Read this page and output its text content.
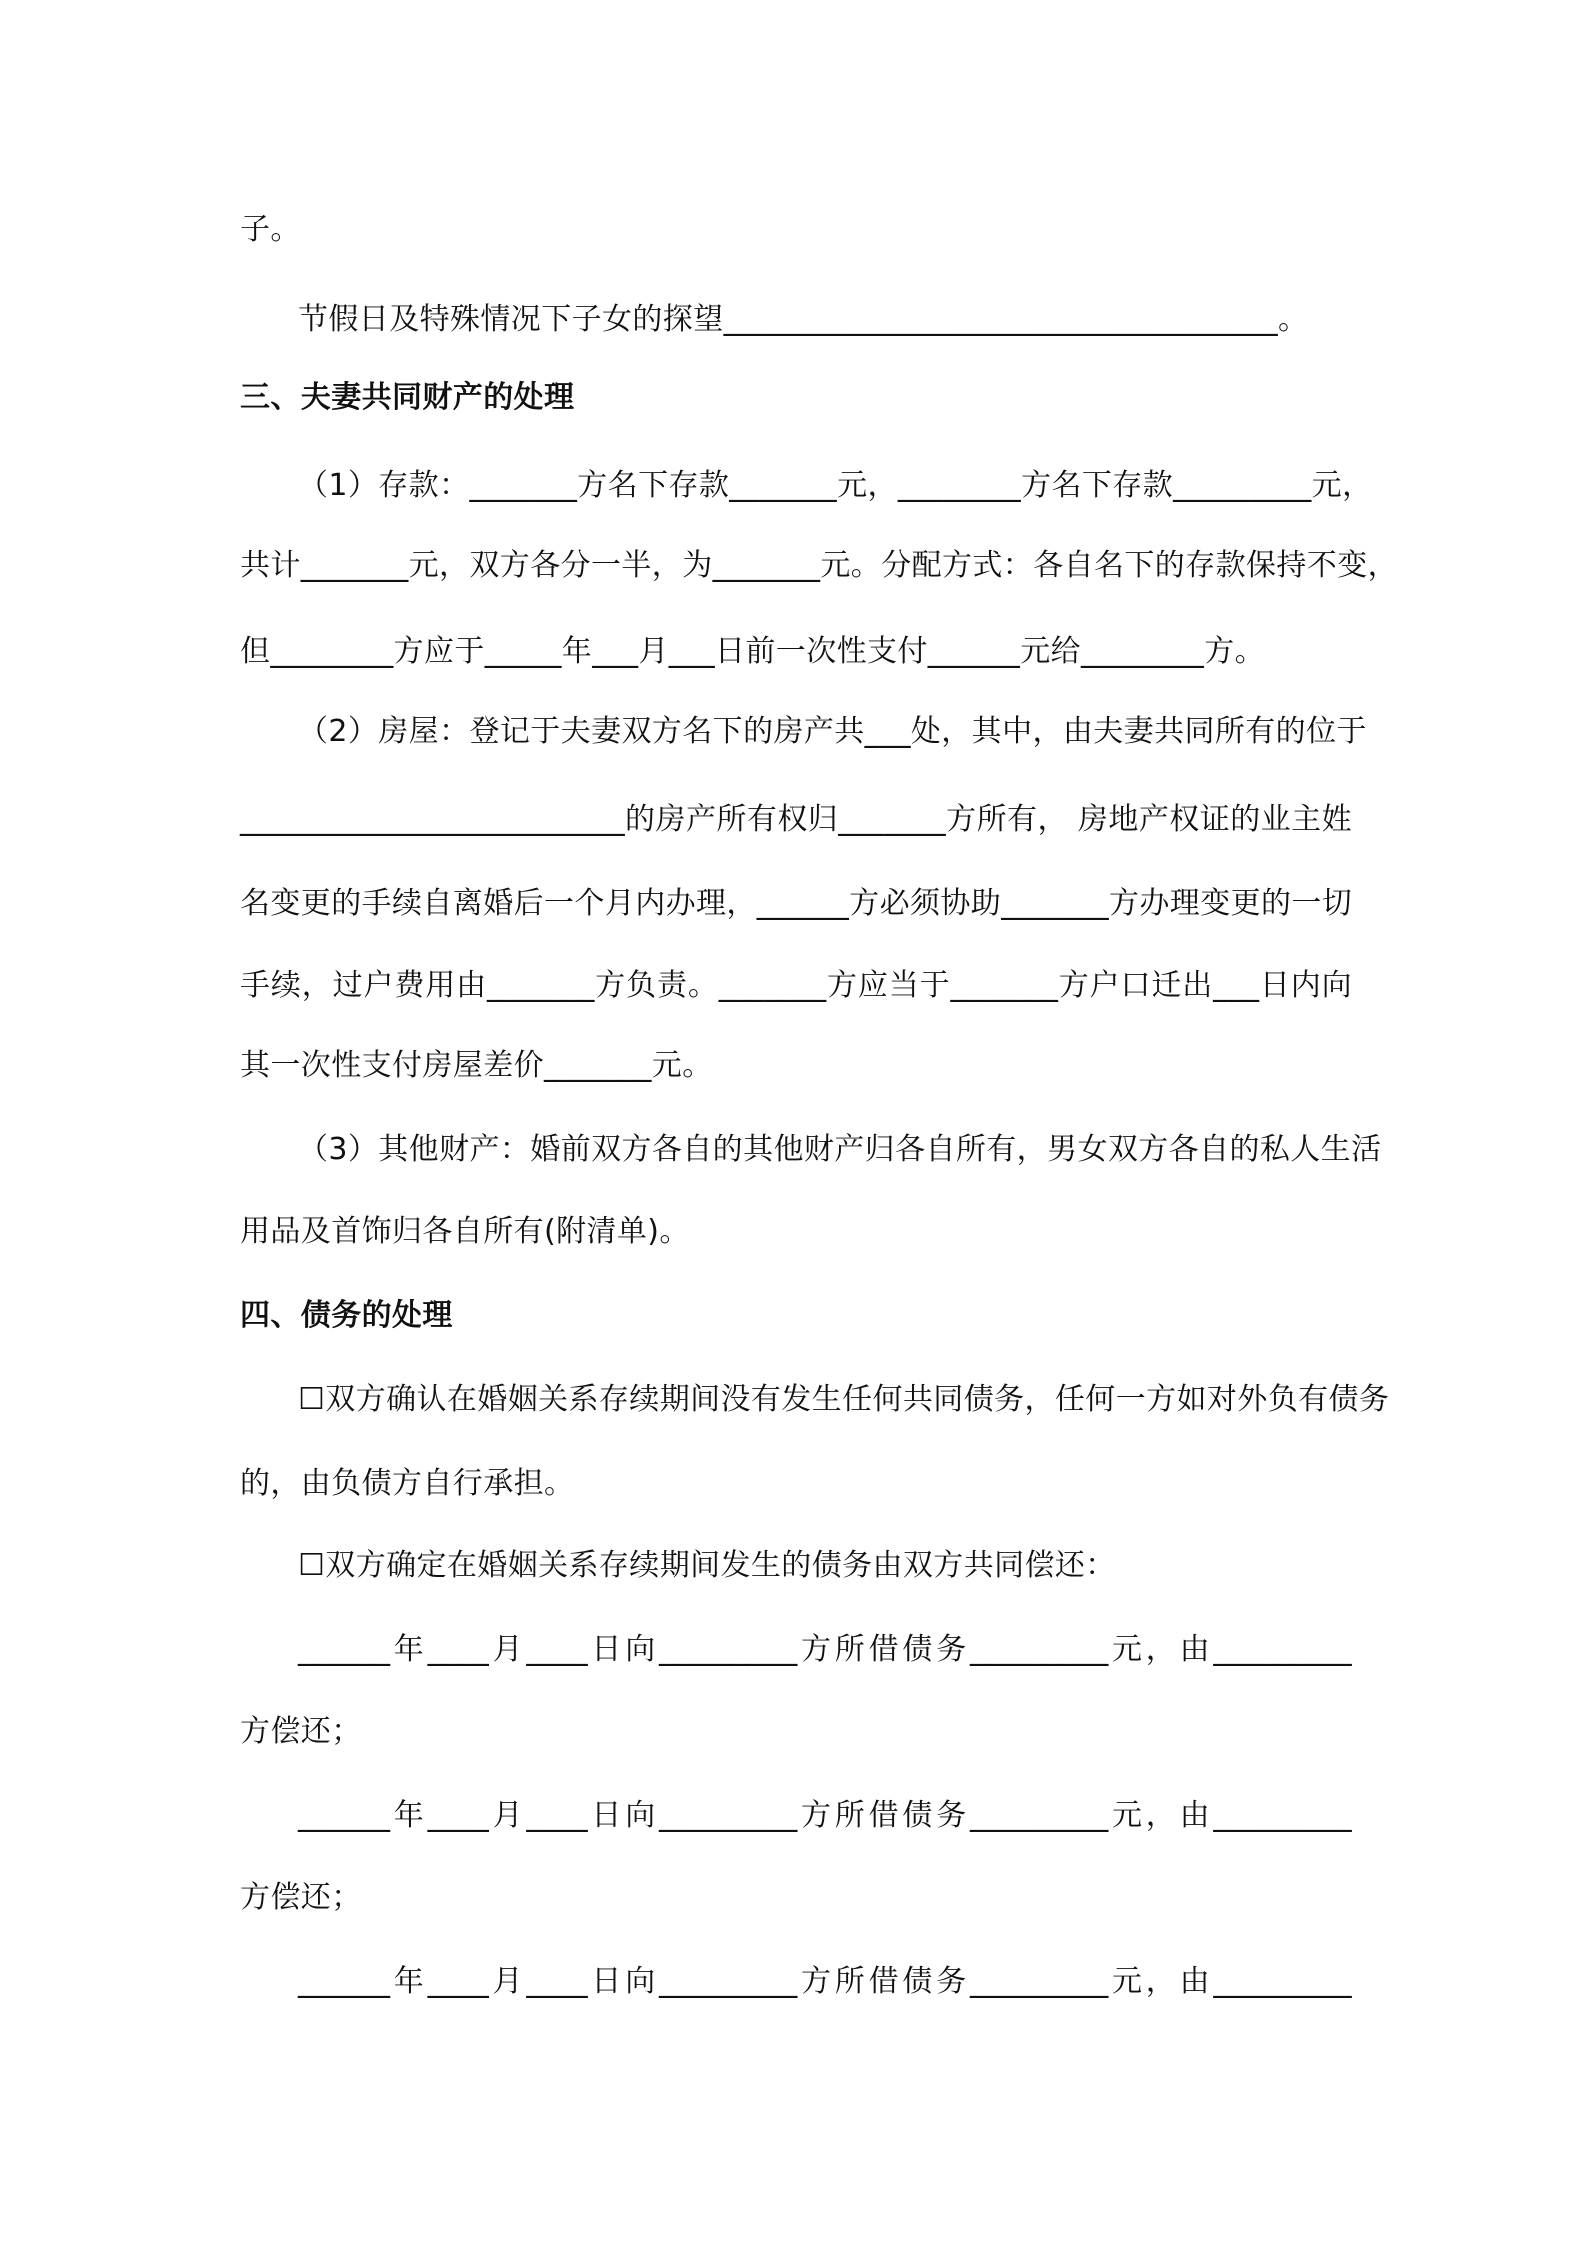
子。
节假日及特殊情况下子女的探望____________________________________。
三、夫妻共同财产的处理
（1）存款：_______方名下存款_______元，________方名下存款_________元，
共计_______元，双方各分一半，为_______元。分配方式：各自名下的存款保持不变，
但________方应于_____年___月___日前一次性支付______元给________方。
（2）房屋：登记于夫妻双方名下的房产共___处，其中，由夫妻共同所有的位于
_________________________的房产所有权归_______方所有， 房地产权证的业主姓
名变更的手续自离婚后一个月内办理，______方必须协助_______方办理变更的一切
手续，过户费用由_______方负责。_______方应当于_______方户口迁出___日内向
其一次性支付房屋差价_______元。
（3）其他财产：婚前双方各自的其他财产归各自所有，男女双方各自的私人生活
用品及首饰归各自所有(附清单)。
四、债务的处理
☐双方确认在婚姻关系存续期间没有发生任何共同债务，任何一方如对外负有债务
的，由负债方自行承担。
☐双方确定在婚姻关系存续期间发生的债务由双方共同偿还：
______年____月____日向_________方所借债务_________元，由_________
方偿还；
______年____月____日向_________方所借债务_________元，由_________
方偿还；
______年____月____日向_________方所借债务_________元，由_________
